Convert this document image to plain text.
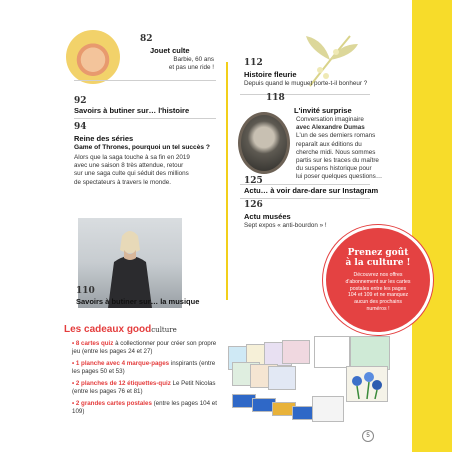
82
Jouet culte
Barbie, 60 ans
et pas une ride !
92
Savoirs à butiner sur… l'histoire
94
Reine des séries
Game of Thrones, pourquoi un tel succès ?
Alors que la saga touche à sa fin en 2019
avec une saison 8 très attendue, retour
sur une saga culte qui séduit des millions
de spectateurs à travers le monde.
110
Savoirs à butiner sur… la musique
112
Histoire fleurie
Depuis quand le muguet porte-t-il bonheur ?
118
L'invité surprise
Conversation imaginaire
avec Alexandre Dumas
L'un de ses derniers romans
reparaît aux éditions du
cherche midi. Nous sommes
partis sur les traces du maître
du suspens historique pour
lui poser quelques questions…
125
Actu… à voir dare-dare sur Instagram
126
Actu musées
Sept expos « anti-bourdon » !
Prenez goût
à la culture !
Découvrez nos offres
d'abonnement sur les cartes
postales entre les pages
104 et 109 et ne manquez
aucun des prochains
numéros !
Les cadeaux goodculture
• 8 cartes quiz à collectionner pour créer son propre jeu (entre les pages 24 et 27)
• 1 planche avec 4 marque-pages inspirants (entre les pages 50 et 53)
• 2 planches de 12 étiquettes-quiz Le Petit Nicolas (entre les pages 76 et 81)
• 2 grandes cartes postales (entre les pages 104 et 109)
5
